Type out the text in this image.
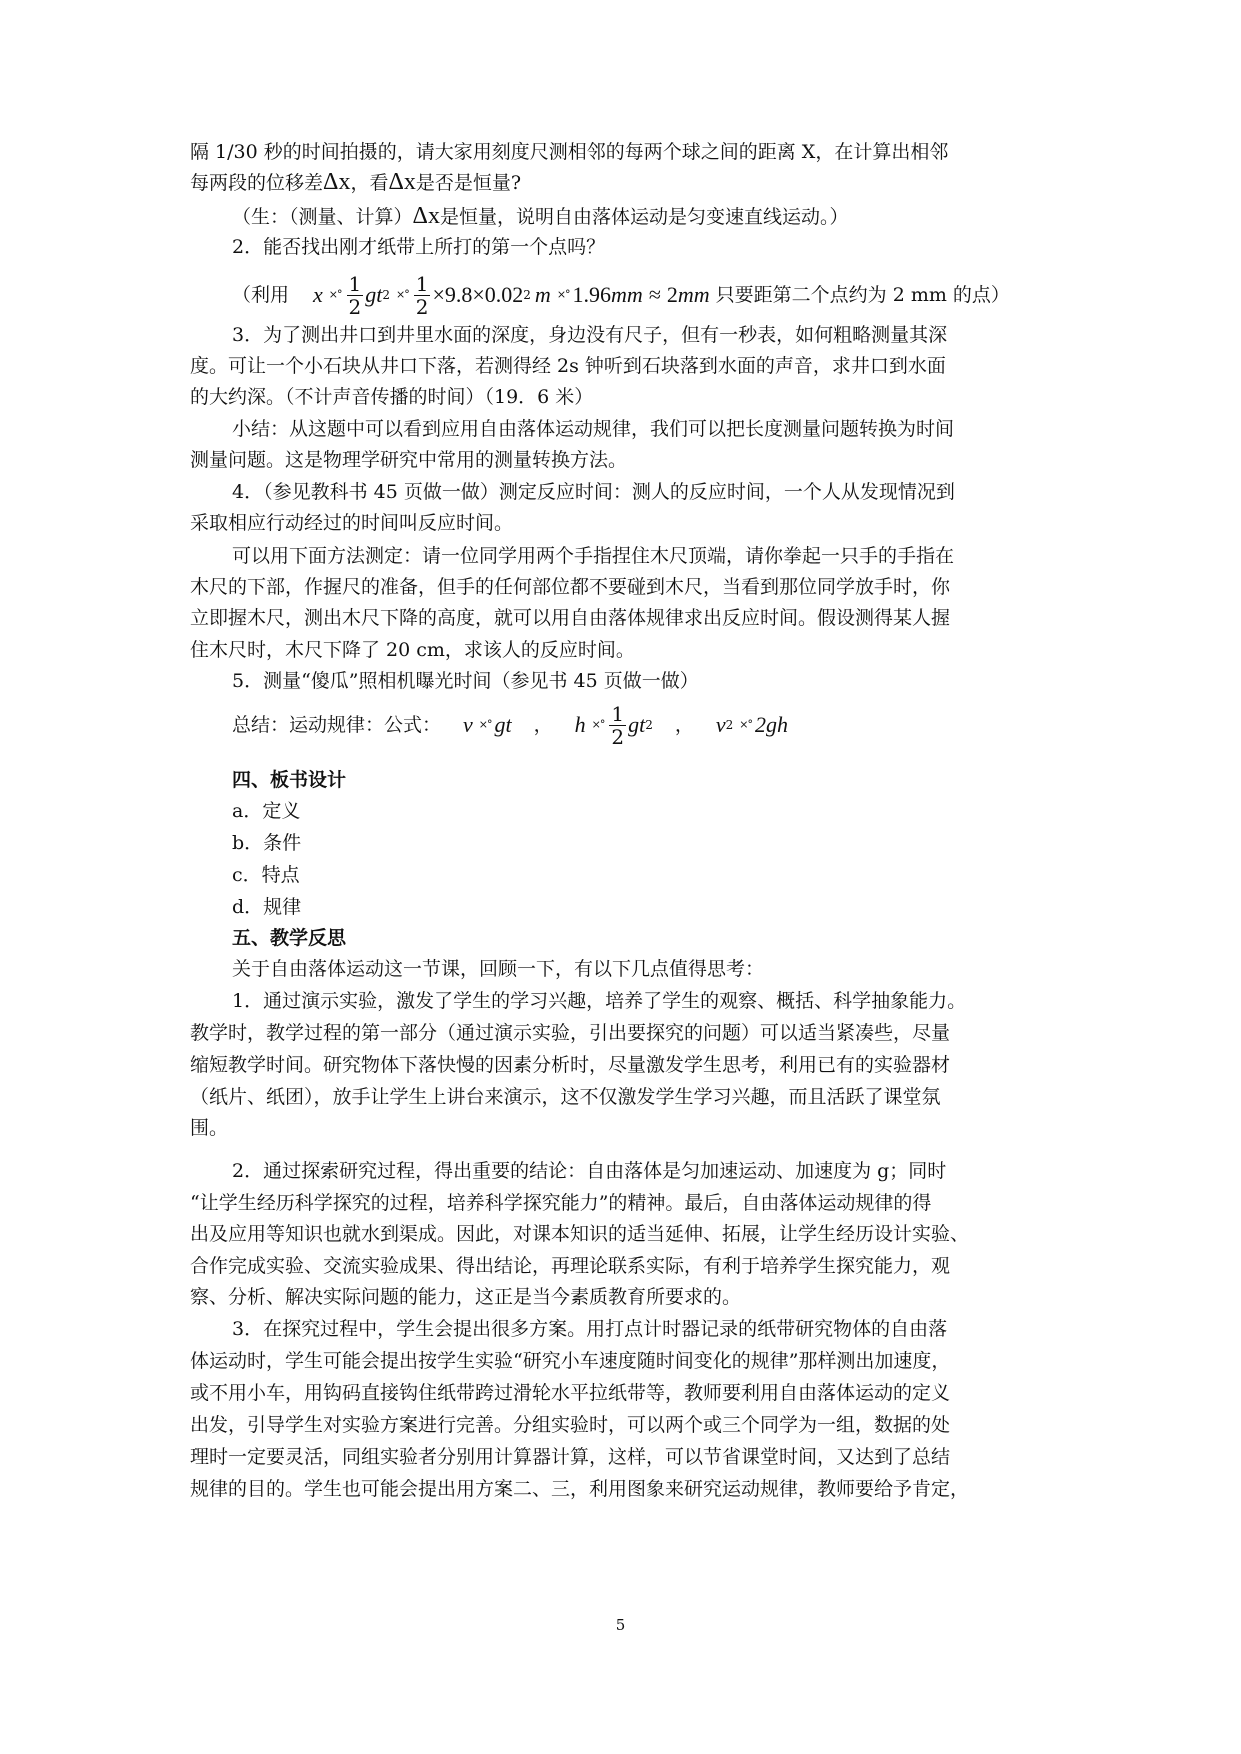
隔 1/30 秒的时间拍摄的，请大家用刻度尺测相邻的每两个球之间的距离 X，在计算出相邻
每两段的位移差Δx，看Δx是否是恒量?
（生：（测量、计算）Δx是恒量，说明自由落体运动是匀变速直线运动。）
2．能否找出刚才纸带上所打的第一个点吗？
（利用 x ×° $\frac{1}{2}$ gt 2 ×° $\frac{1}{2} \times 9.8\times 0.02$ 2 m ×° 1.96 mm ≈ 2 mm 只要距第二个点约为 2 mm 的点）
3．为了测出井口到井里水面的深度，身边没有尺子，但有一秒表，如何粗略测量其深
度。可让一个小石块从井口下落，若测得经 2s 钟听到石块落到水面的声音，求井口到水面
的大约深。（不计声音传播的时间）（19．6 米）
小结：从这题中可以看到应用自由落体运动规律，我们可以把长度测量问题转换为时间
测量问题。这是物理学研究中常用的测量转换方法。
4．（参见教科书 45 页做一做）测定反应时间：测人的反应时间，一个人从发现情况到
采取相应行动经过的时间叫反应时间。
可以用下面方法测定：请一位同学用两个手指捏住木尺顶端，请你拳起一只手的手指在
木尺的下部，作握尺的准备，但手的任何部位都不要碰到木尺，当看到那位同学放手时，你
立即握木尺，测出木尺下降的高度，就可以用自由落体规律求出反应时间。假设测得某人握
住木尺时，木尺下降了 20 cm，求该人的反应时间。
5．测量“傻瓜”照相机曝光时间（参见书 45 页做一做）
总结：运动规律：公式： v ×° gt ， h ×° $\frac{1}{2}$ gt 2 ， v 2 ×° 2gh
四、板书设计
a．定义
b．条件
c．特点
d．规律
五、教学反思
关于自由落体运动这一节课，回顾一下，有以下几点值得思考：
1．通过演示实验，激发了学生的学习兴趣，培养了学生的观察、概括、科学抽象能力。
教学时，教学过程的第一部分（通过演示实验，引出要探究的问题）可以适当紧凑些，尽量
缩短教学时间。研究物体下落快慢的因素分析时，尽量激发学生思考，利用已有的实验器材
（纸片、纸团），放手让学生上讲台来演示，这不仅激发学生学习兴趣，而且活跃了课堂氛
围。
2．通过探索研究过程，得出重要的结论：自由落体是匀加速运动、加速度为 g；同时
“让学生经历科学探究的过程，培养科学探究能力”的精神。最后，自由落体运动规律的得
出及应用等知识也就水到渠成。因此，对课本知识的适当延伸、拓展，让学生经历设计实验、
合作完成实验、交流实验成果、得出结论，再理论联系实际，有利于培养学生探究能力，观
察、分析、解决实际问题的能力，这正是当今素质教育所要求的。
3．在探究过程中，学生会提出很多方案。用打点计时器记录的纸带研究物体的自由落
体运动时，学生可能会提出按学生实验“研究小车速度随时间变化的规律”那样测出加速度，
或不用小车，用钩码直接钩住纸带跨过滑轮水平拉纸带等，教师要利用自由落体运动的定义
出发，引导学生对实验方案进行完善。分组实验时，可以两个或三个同学为一组，数据的处
理时一定要灵活，同组实验者分别用计算器计算，这样，可以节省课堂时间，又达到了总结
规律的目的。学生也可能会提出用方案二、三，利用图象来研究运动规律，教师要给予肯定，
5
